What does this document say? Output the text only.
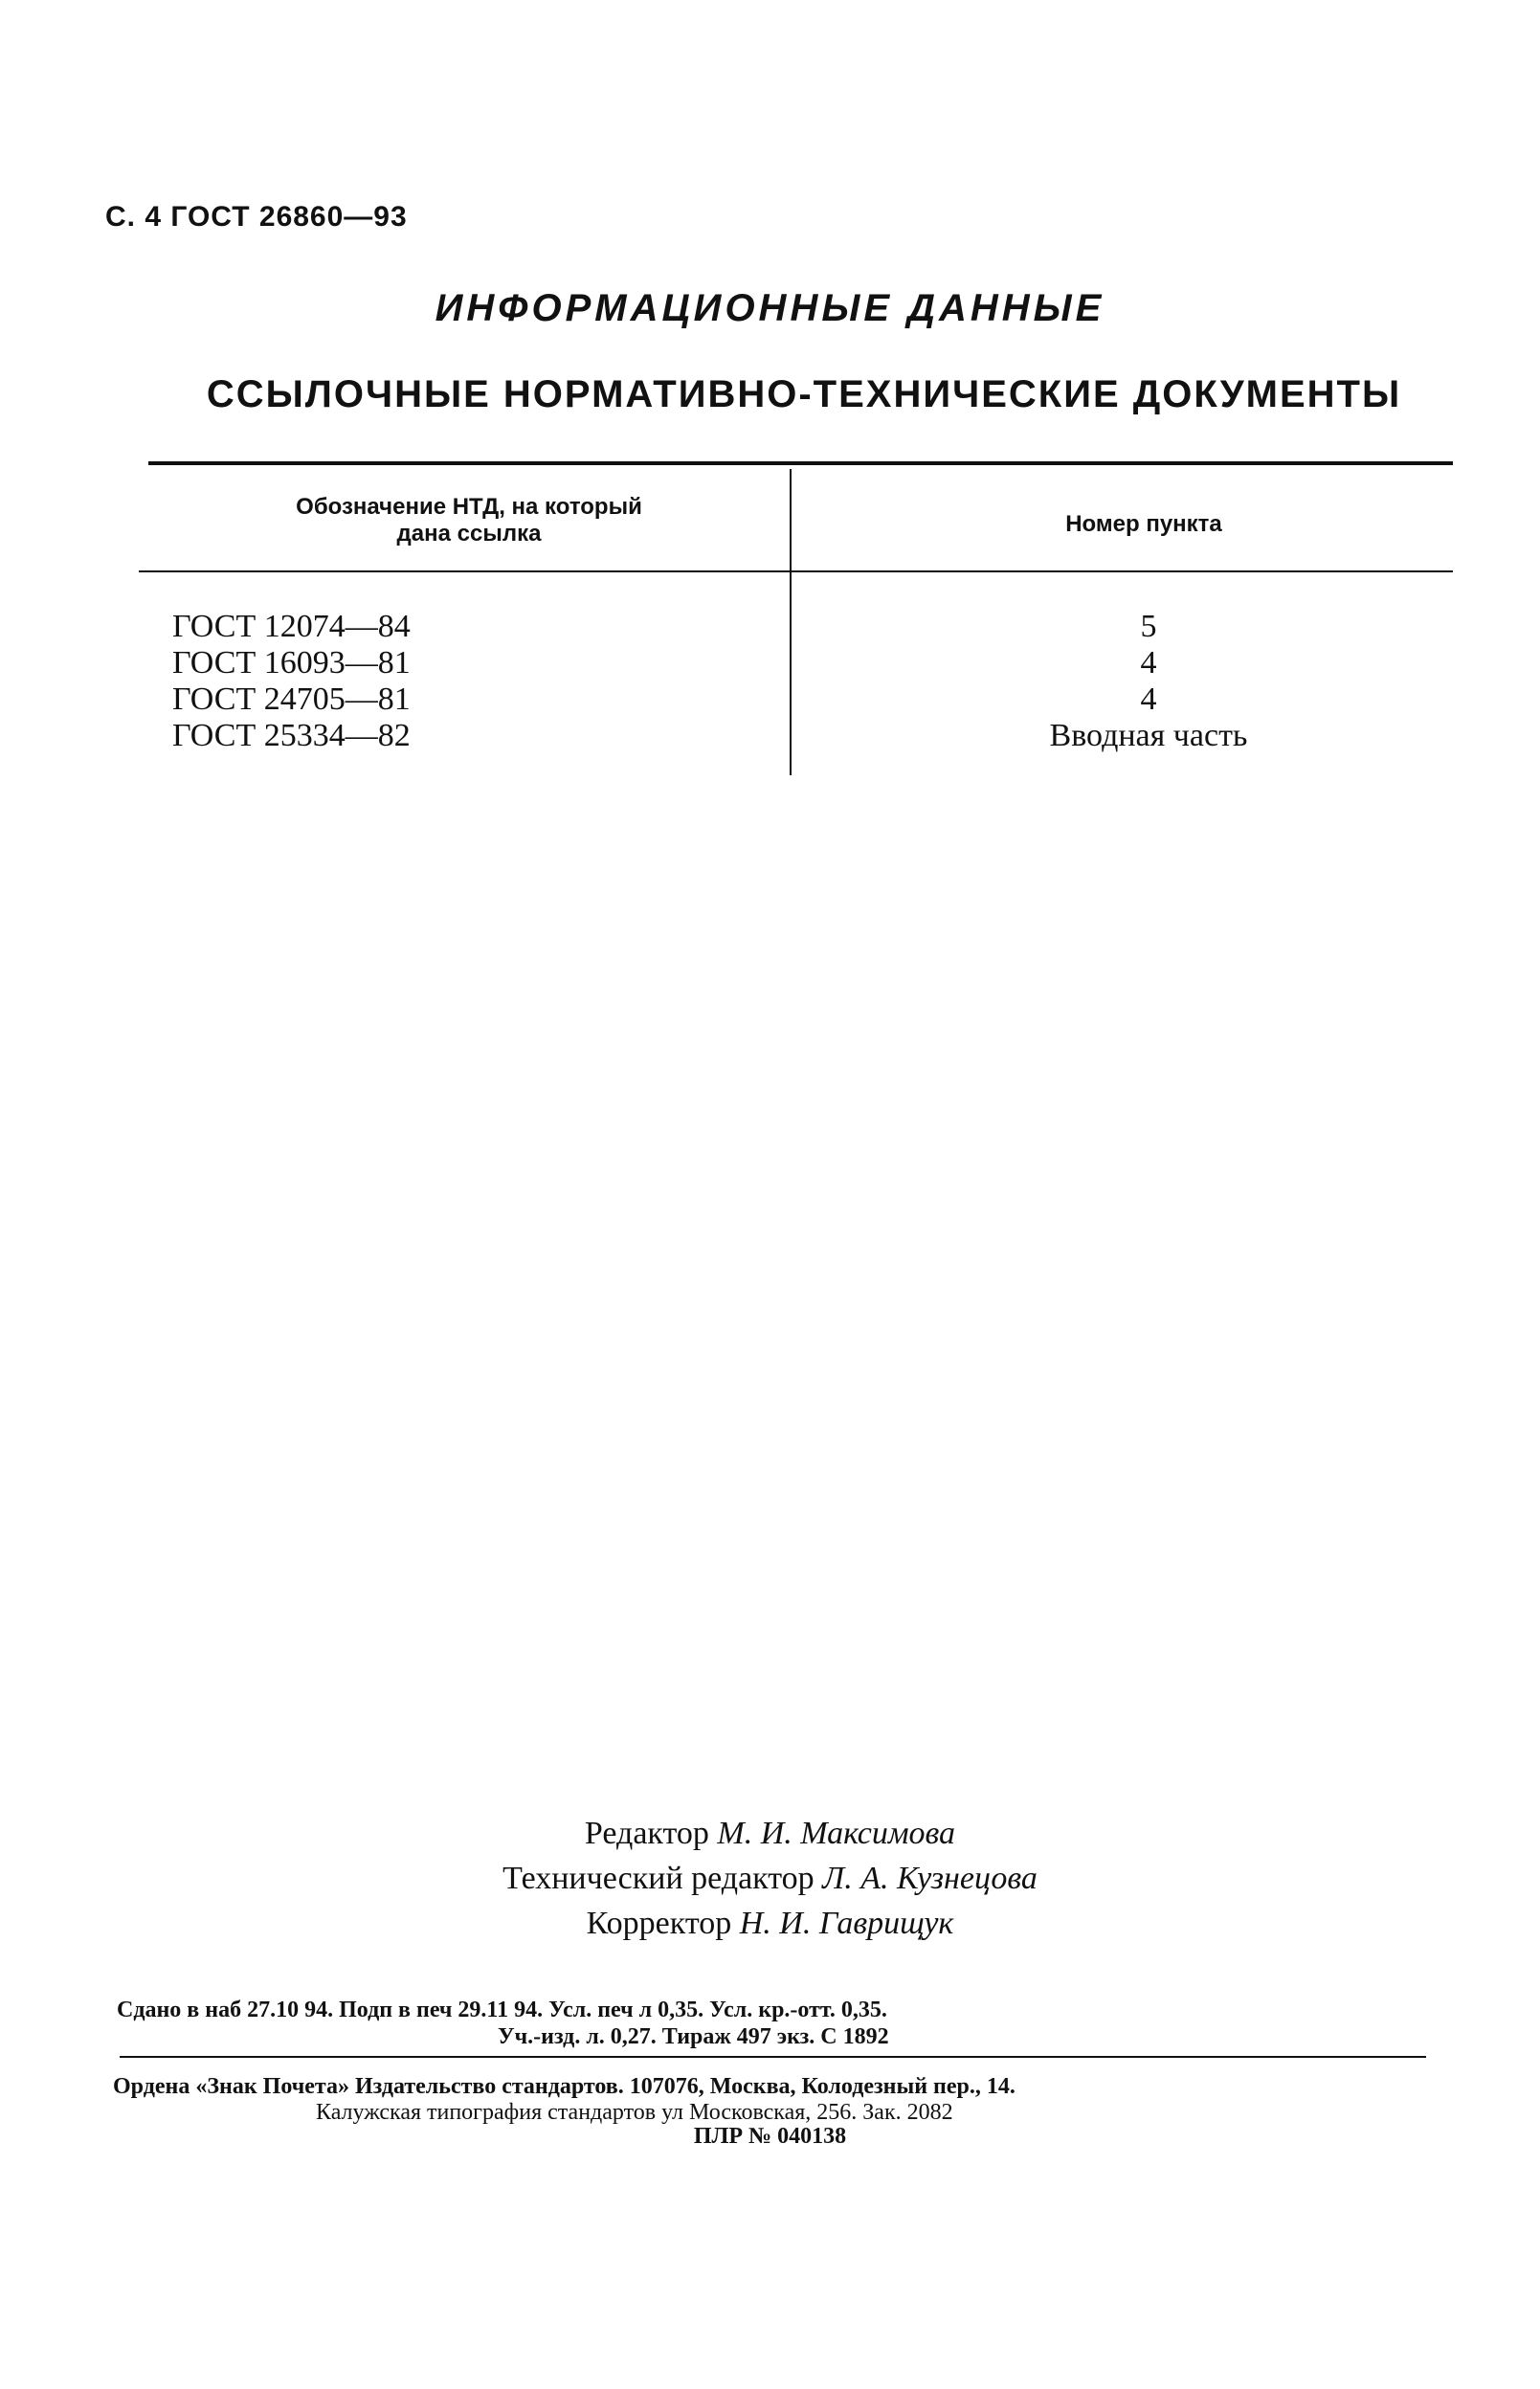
С. 4 ГОСТ 26860—93
ИНФОРМАЦИОННЫЕ ДАННЫЕ
ССЫЛОЧНЫЕ НОРМАТИВНО-ТЕХНИЧЕСКИЕ ДОКУМЕНТЫ
Обозначение НТД, на который
дана ссылка	Номер пункта
ГОСТ 12074—84
ГОСТ 16093—81
ГОСТ 24705—81
ГОСТ 25334—82
5
4
4
Вводная часть
Редактор М. И. Максимова
Технический редактор Л. А. Кузнецова
Корректор Н. И. Гаврищук
Сдано в наб 27.10 94. Подп в печ 29.11 94. Усл. печ л 0,35. Усл. кр.-отт. 0,35.
Уч.-изд. л. 0,27. Тираж 497 экз. С 1892
Ордена «Знак Почета» Издательство стандартов. 107076, Москва, Колодезный пер., 14.
Калужская типография стандартов ул Московская, 256. Зак. 2082
ПЛР № 040138
